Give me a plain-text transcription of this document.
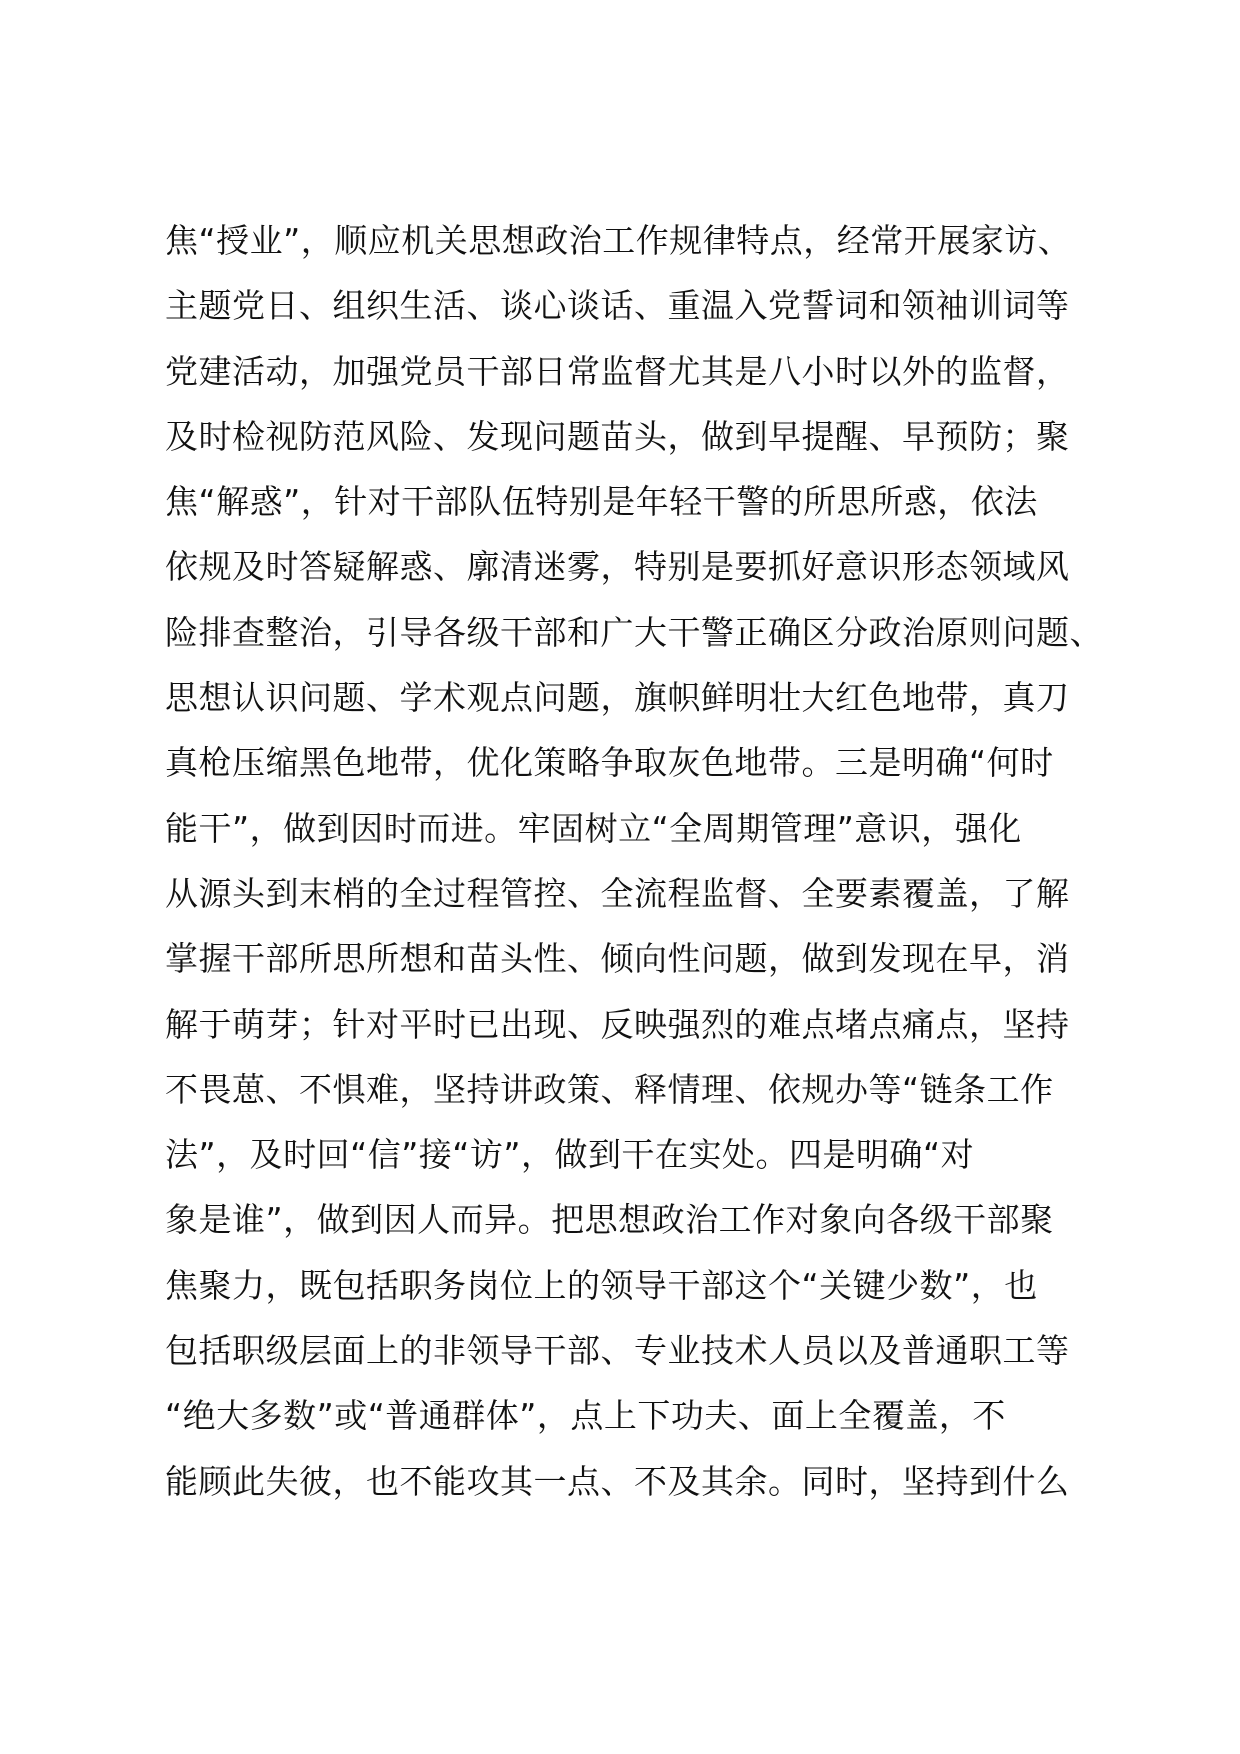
焦“授业”，顺应机关思想政治工作规律特点，经常开展家访、
主题党日、组织生活、谈心谈话、重温入党誓词和领袖训词等
党建活动，加强党员干部日常监督尤其是八小时以外的监督，
及时检视防范风险、发现问题苗头，做到早提醒、早预防；聚
焦“解惑”，针对干部队伍特别是年轻干警的所思所惑，依法
依规及时答疑解惑、廓清迷雾，特别是要抓好意识形态领域风
险排查整治，引导各级干部和广大干警正确区分政治原则问题、
思想认识问题、学术观点问题，旗帜鲜明壮大红色地带，真刀
真枪压缩黑色地带，优化策略争取灰色地带。三是明确“何时
能干”，做到因时而进。牢固树立“全周期管理”意识，强化
从源头到末梢的全过程管控、全流程监督、全要素覆盖，了解
掌握干部所思所想和苗头性、倾向性问题，做到发现在早，消
解于萌芽；针对平时已出现、反映强烈的难点堵点痛点，坚持
不畏葸、不惧难，坚持讲政策、释情理、依规办等“链条工作
法”，及时回“信”接“访”，做到干在实处。四是明确“对
象是谁”，做到因人而异。把思想政治工作对象向各级干部聚
焦聚力，既包括职务岗位上的领导干部这个“关键少数”，也
包括职级层面上的非领导干部、专业技术人员以及普通职工等
“绝大多数”或“普通群体”，点上下功夫、面上全覆盖，不
能顾此失彼，也不能攻其一点、不及其余。同时，坚持到什么
